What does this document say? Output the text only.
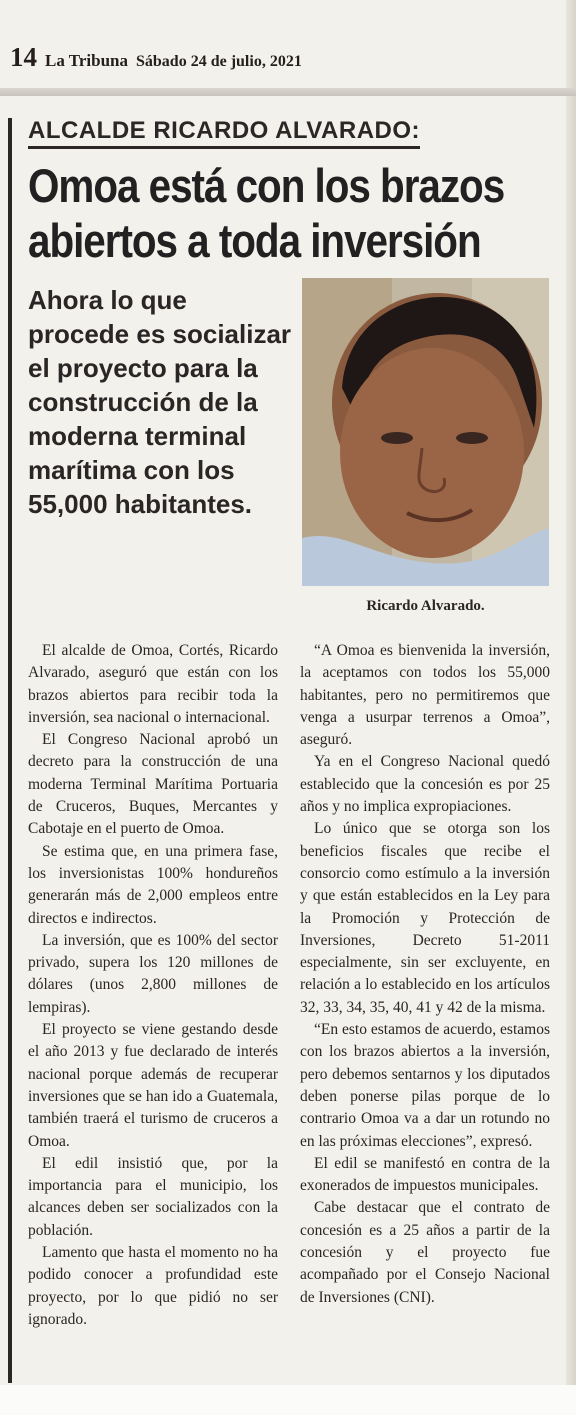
14 La Tribuna Sábado 24 de julio, 2021
ALCALDE RICARDO ALVARADO:
Omoa está con los brazos
abiertos a toda inversión
Ahora lo que procede es socializar el proyecto para la construcción de la moderna terminal marítima con los 55,000 habitantes.
Ricardo Alvarado.

El alcalde de Omoa, Cortés, Ricardo Alvarado, aseguró que están con los brazos abiertos para recibir toda la inversión, sea nacional o internacional.

El Congreso Nacional aprobó un decreto para la construcción de una moderna Terminal Marítima Portuaria de Cruceros, Buques, Mercantes y Cabotaje en el puerto de Omoa.

Se estima que, en una primera fase, los inversionistas 100% hondureños generarán más de 2,000 empleos entre directos e indirectos.

La inversión, que es 100% del sector privado, supera los 120 millones de dólares (unos 2,800 millones de lempiras).

El proyecto se viene gestando desde el año 2013 y fue declarado de interés nacional porque además de recuperar inversiones que se han ido a Guatemala, también traerá el turismo de cruceros a Omoa.

El edil insistió que, por la importancia para el municipio, los alcances deben ser socializados con la población.

Lamento que hasta el momento no ha podido conocer a profundidad este proyecto, por lo que pidió no ser ignorado.

“A Omoa es bienvenida la inversión, la aceptamos con todos los 55,000 habitantes, pero no permitiremos que venga a usurpar terrenos a Omoa”, aseguró.

Ya en el Congreso Nacional quedó establecido que la concesión es por 25 años y no implica expropiaciones.

Lo único que se otorga son los beneficios fiscales que recibe el consorcio como estímulo a la inversión y que están establecidos en la Ley para la Promoción y Protección de Inversiones, Decreto 51-2011 especialmente, sin ser excluyente, en relación a lo establecido en los artículos 32, 33, 34, 35, 40, 41 y 42 de la misma.

“En esto estamos de acuerdo, estamos con los brazos abiertos a la inversión, pero debemos sentarnos y los diputados deben ponerse pilas porque de lo contrario Omoa va a dar un rotundo no en las próximas elecciones”, expresó.

El edil se manifestó en contra de la exonerados de impuestos municipales.

Cabe destacar que el contrato de concesión es a 25 años a partir de la concesión y el proyecto fue acompañado por el Consejo Nacional de Inversiones (CNI).
